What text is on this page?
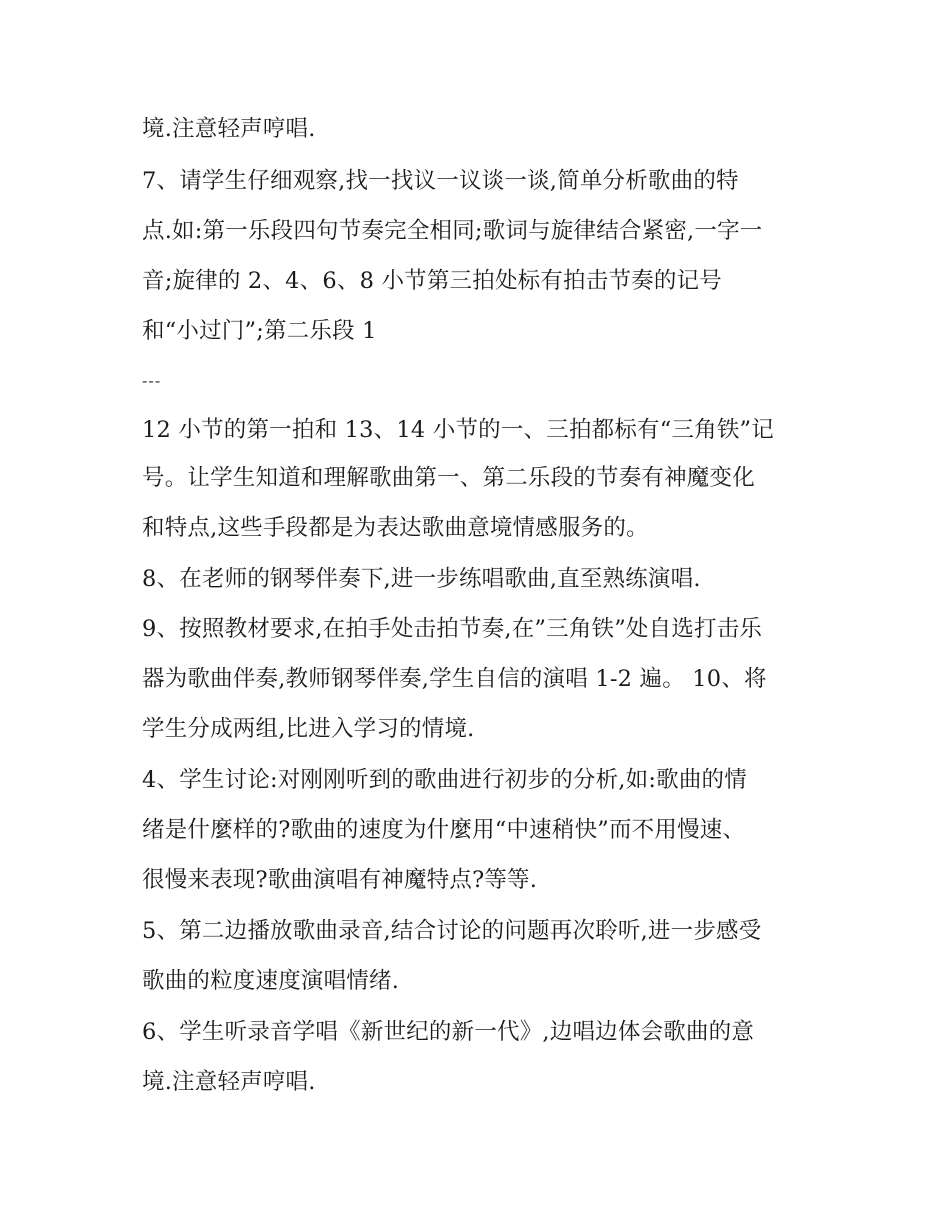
境.注意轻声哼唱.
7、请学生仔细观察,找一找议一议谈一谈,简单分析歌曲的特
点.如:第一乐段四句节奏完全相同;歌词与旋律结合紧密,一字一
音;旋律的 2、4、6、8 小节第三拍处标有拍击节奏的记号
和“小过门”;第二乐段 1
---
12 小节的第一拍和 13、14 小节的一、三拍都标有“三角铁”记
号。让学生知道和理解歌曲第一、第二乐段的节奏有神魔变化
和特点,这些手段都是为表达歌曲意境情感服务的。
8、在老师的钢琴伴奏下,进一步练唱歌曲,直至熟练演唱.
9、按照教材要求,在拍手处击拍节奏,在”三角铁”处自选打击乐
器为歌曲伴奏,教师钢琴伴奏,学生自信的演唱 1-2 遍。 10、将
学生分成两组,比进入学习的情境.
4、学生讨论:对刚刚听到的歌曲进行初步的分析,如:歌曲的情
绪是什麼样的?歌曲的速度为什麼用“中速稍快”而不用慢速、
很慢来表现?歌曲演唱有神魔特点?等等.
5、第二边播放歌曲录音,结合讨论的问题再次聆听,进一步感受
歌曲的粒度速度演唱情绪.
6、学生听录音学唱《新世纪的新一代》,边唱边体会歌曲的意
境.注意轻声哼唱.
